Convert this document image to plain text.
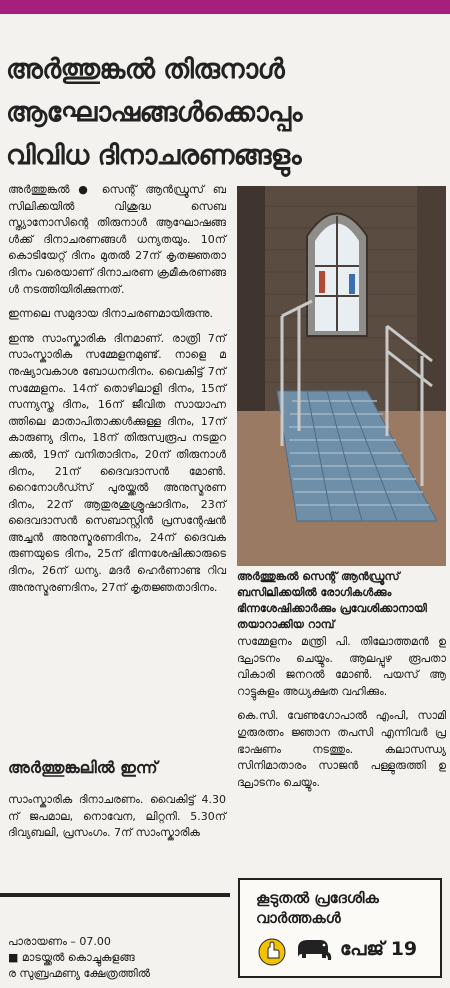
അർത്തുങ്കൽ തിരുനാൾ
ആഘോഷങ്ങൾക്കൊപ്പം
വിവിധ ദിനാചരണങ്ങളും

അർത്തുങ്കൽ ● സെന്റ് ആൻഡ്രൂസ് ബസിലിക്കയിൽ വിശുദ്ധ സെബസ്ത്യാനോസിന്റെ തിരുനാൾ ആഘോഷങ്ങൾക്ക് ദിനാചരണങ്ങൾ ധന്യതയും. 10ന് കൊടിയേറ്റ് ദിനം മുതൽ 27ന് കൃതജ്ഞതാ ദിനം വരെയാണ് ദിനാചരണ ക്രമീകരണങ്ങൾ നടത്തിയിരിക്കുന്നത്.

ഇന്നലെ സമുദായ ദിനാചരണമായിരുന്നു.

ഇന്നു സാംസ്കാരിക ദിനമാണ്. രാത്രി 7ന് സാംസ്കാരിക സമ്മേളനമുണ്ട്. നാളെ മനുഷ്യാവകാശ ബോധനദിനം. വൈകിട്ട് 7ന് സമ്മേളനം. 14ന് തൊഴിലാളി ദിനം, 15ന് സന്ന്യസ്ത ദിനം, 16ന് ജീവിത സായാഹ്നത്തിലെ മാതാപിതാക്കൾക്കുള്ള ദിനം, 17ന് കാരുണ്യ ദിനം, 18ന് തിരുസ്വരൂപ നടതുറക്കൽ, 19ന് വനിതാദിനം, 20ന് തിരുനാൾ ദിനം, 21ന് ദൈവദാസൻ മോൺ. റൈനോൾഡ്സ് പുരയ്ക്കൽ അനുസ്മരണദിനം, 22ന് ആതുരശുശ്രൂഷാദിനം, 23ന് ദൈവദാസൻ സെബാസ്റ്റിൻ പ്രസന്റേഷൻ അച്ചൻ അനുസ്മരണദിനം, 24ന് ദൈവകരുണയുടെ ദിനം, 25ന് ഭിന്നശേഷിക്കാരുടെ ദിനം, 26ന് ധന്യ. മദർ ഹെർണാണ്ട റിവ അനുസ്മരണദിനം, 27ന് കൃതജ്ഞതാദിനം.

അർത്തുങ്കലിൽ ഇന്ന്

സാംസ്കാരിക ദിനാചരണം. വൈകിട്ട് 4.30ന് ജപമാല, നൊവേന, ലിറ്റനി. 5.30ന് ദിവ്യബലി, പ്രസംഗം. 7ന് സാംസ്കാരിക

പാരായണം – 07.00
■ മാടയ്ക്കൽ കൊച്ചുകുളങ്ങ
ര സുബ്രഹ്മണ്യ ക്ഷേത്രത്തിൽ

അർത്തുങ്കൽ സെന്റ് ആൻഡ്രൂസ് ബസിലിക്കയിൽ രോഗികൾക്കും ഭിന്നശേഷിക്കാർക്കും പ്രവേശിക്കാനായി തയാറാക്കിയ റാമ്പ്

സമ്മേളനം മന്ത്രി പി. തിലോത്തമൻ ഉദ്ഘാടനം ചെയ്യും. ആലപ്പുഴ രൂപതാ വികാരി ജനറൽ മോൺ. പയസ് ആറാട്ടുകുളം അധ്യക്ഷത വഹിക്കും.

കെ.സി. വേണുഗോപാൽ എംപി, സാമി ഗുരുരത്നം ജ്ഞാന തപസി എന്നിവർ പ്രഭാഷണം നടത്തും. കലാസന്ധ്യ സിനിമാതാരം സാജൻ പള്ളുരുത്തി ഉദ്ഘാടനം ചെയ്യും.

കൂടുതൽ പ്രദേശിക വാർത്തകൾ

പേജ് 19
